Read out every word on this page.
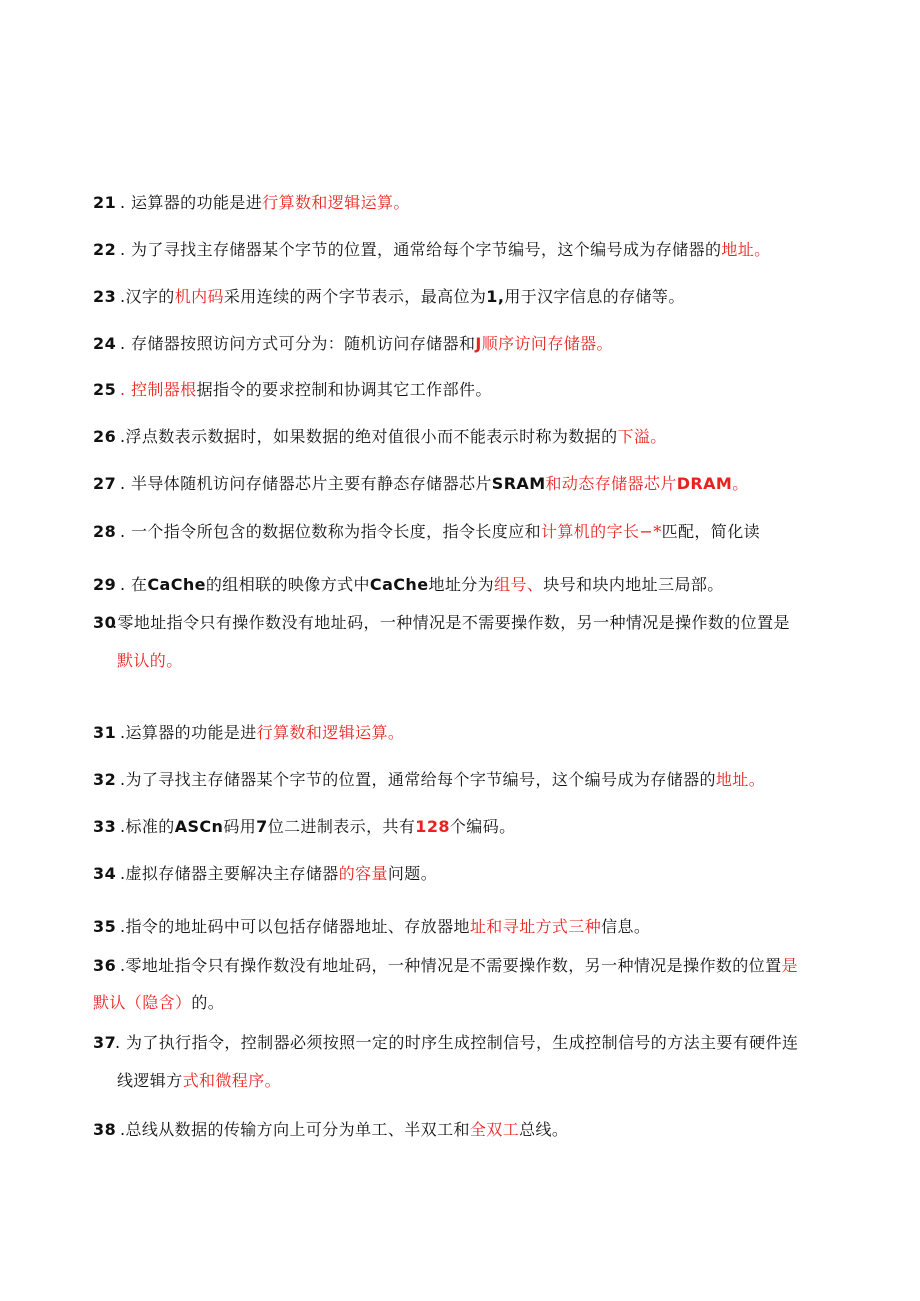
21 . 运算器的功能是进行算数和逻辑运算。
22 . 为了寻找主存储器某个字节的位置，通常给每个字节编号，这个编号成为存储器的地址。
23 .汉字的机内码采用连续的两个字节表示，最高位为1,用于汉字信息的存储等。
24 . 存储器按照访问方式可分为：随机访问存储器和J顺序访问存储器。
25 . 控制器根据指令的要求控制和协调其它工作部件。
26 .浮点数表示数据时，如果数据的绝对值很小而不能表示时称为数据的下溢。
27 . 半导体随机访问存储器芯片主要有静态存储器芯片SRAM和动态存储器芯片DRAM。
28 . 一个指令所包含的数据位数称为指令长度，指令长度应和计算机的字长−*匹配，简化读
29 . 在CaChe的组相联的映像方式中CaChe地址分为组号、块号和块内地址三局部。
30
.零地址指令只有操作数没有地址码，一种情况是不需要操作数，另一种情况是操作数的位置是
默认的。
31 .运算器的功能是进行算数和逻辑运算。
32 .为了寻找主存储器某个字节的位置，通常给每个字节编号，这个编号成为存储器的地址。
33 .标准的ASCn码用7位二进制表示，共有128个编码。
34 .虚拟存储器主要解决主存储器的容量问题。
35 .指令的地址码中可以包括存储器地址、存放器地址和寻址方式三种信息。
36 .零地址指令只有操作数没有地址码，一种情况是不需要操作数，另一种情况是操作数的位置是
默认（隐含）的。
37
. 为了执行指令，控制器必须按照一定的时序生成控制信号，生成控制信号的方法主要有硬件连
线逻辑方式和微程序。
38 .总线从数据的传输方向上可分为单工、半双工和全双工总线。
